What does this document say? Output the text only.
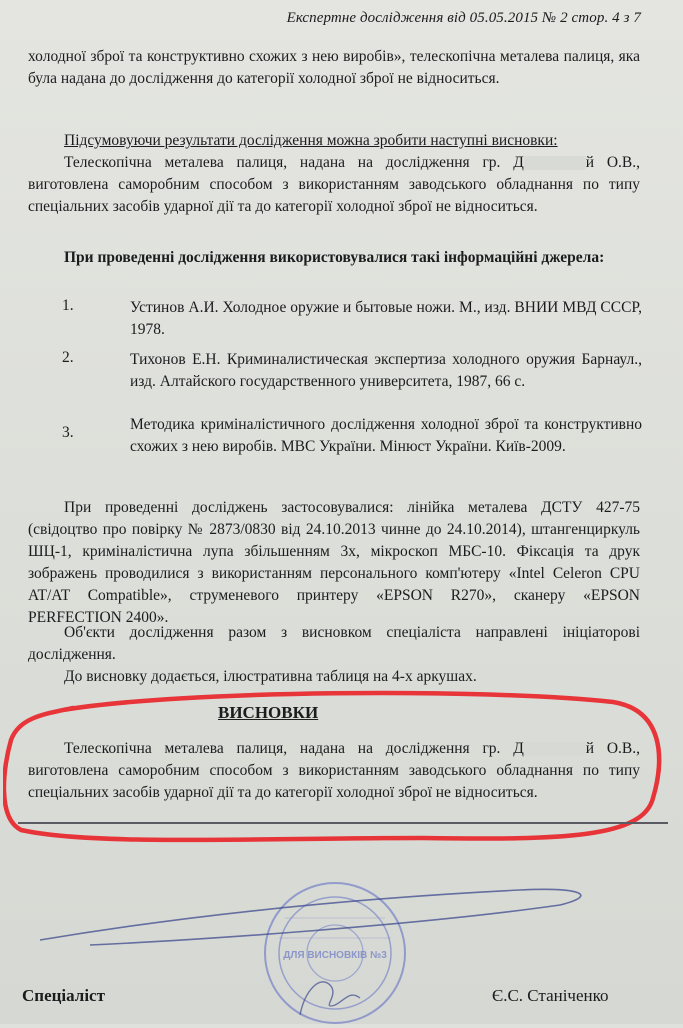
Експертне дослідження від 05.05.2015 № 2 стор. 4 з 7
холодної зброї та конструктивно схожих з нею виробів», телескопічна металева палиця, яка була надана до дослідження до категорії холодної зброї не відноситься.
Підсумовуючи результати дослідження можна зробити наступні висновки:
Телескопічна металева палиця, надана на дослідження гр. Д	й О.В., виготовлена саморобним способом з використанням заводського обладнання по типу спеціальних засобів ударної дії та до категорії холодної зброї не відноситься.
При проведенні дослідження використовувалися такі інформаційні джерела:
1.	Устинов А.И. Холодное оружие и бытовые ножи. М., изд. ВНИИ МВД СССР, 1978.
2.	Тихонов Е.Н. Криминалистическая экспертиза холодного оружия Барнаул., изд. Алтайского государственного университета, 1987, 66 с.
3.	Методика криміналістичного дослідження холодної зброї та конструктивно схожих з нею виробів. МВС України. Мінюст України. Київ-2009.
При проведенні досліджень застосовувалися: лінійка металева ДСТУ 427-75 (свідоцтво про повірку № 2873/0830 від 24.10.2013 чинне до 24.10.2014), штангенциркуль ШЦ-1, криміналістична лупа збільшенням 3х, мікроскоп МБС-10. Фіксація та друк зображень проводилися з використанням персонального комп'ютеру «Intel Celeron CPU AT/AT Compatible», струменевого принтеру «EPSON R270», сканеру «EPSON PERFECTION 2400».
Об'єкти дослідження разом з висновком спеціаліста направлені ініціаторові дослідження.
До висновку додається, ілюстративна таблиця на 4-х аркушах.
ВИСНОВКИ
Телескопічна металева палиця, надана на дослідження гр. Д	й О.В., виготовлена саморобним способом з використанням заводського обладнання по типу спеціальних засобів ударної дії та до категорії холодної зброї не відноситься.
ДЛЯ ВИСНОВКІВ №3
Спеціаліст	Є.С. Станіченко
